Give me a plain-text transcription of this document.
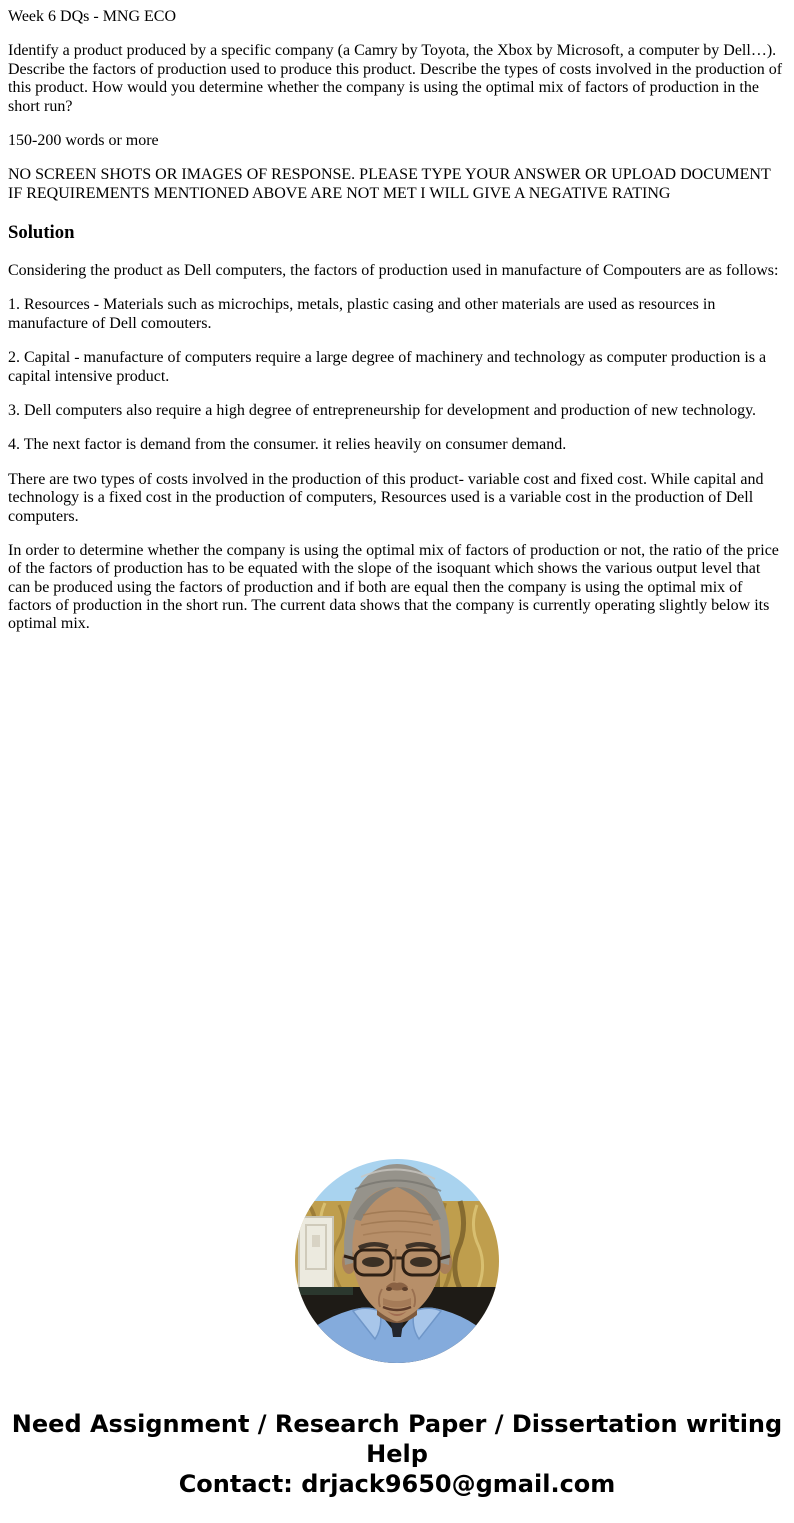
Week 6 DQs - MNG ECO

Identify a product produced by a specific company (a Camry by Toyota, the Xbox by Microsoft, a computer by Dell…). Describe the factors of production used to produce this product. Describe the types of costs involved in the production of this product. How would you determine whether the company is using the optimal mix of factors of production in the short run?

150-200 words or more

NO SCREEN SHOTS OR IMAGES OF RESPONSE. PLEASE TYPE YOUR ANSWER OR UPLOAD DOCUMENT IF REQUIREMENTS MENTIONED ABOVE ARE NOT MET I WILL GIVE A NEGATIVE RATING

Solution

Considering the product as Dell computers, the factors of production used in manufacture of Compouters are as follows:

1. Resources - Materials such as microchips, metals, plastic casing and other materials are used as resources in manufacture of Dell comouters.

2. Capital - manufacture of computers require a large degree of machinery and technology as computer production is a capital intensive product.

3. Dell computers also require a high degree of entrepreneurship for development and production of new technology.

4. The next factor is demand from the consumer. it relies heavily on consumer demand.

There are two types of costs involved in the production of this product- variable cost and fixed cost. While capital and technology is a fixed cost in the production of computers, Resources used is a variable cost in the production of Dell computers.

In order to determine whether the company is using the optimal mix of factors of production or not, the ratio of the price of the factors of production has to be equated with the slope of the isoquant which shows the various output level that can be produced using the factors of production and if both are equal then the company is using the optimal mix of factors of production in the short run. The current data shows that the company is currently operating slightly below its optimal mix.

Need Assignment / Research Paper / Dissertation writing Help
Contact: drjack9650@gmail.com
